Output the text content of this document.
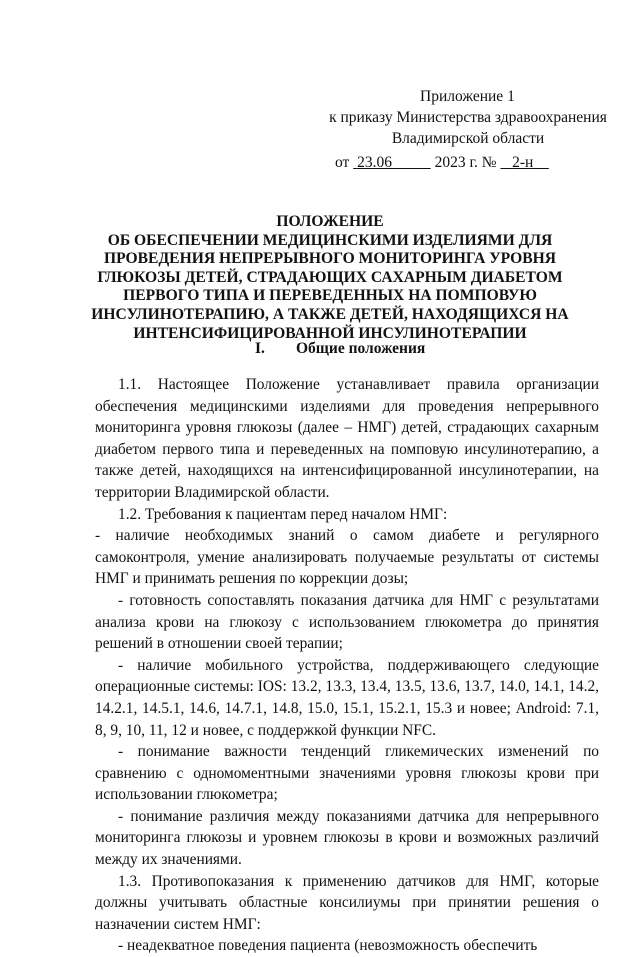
Приложение 1
к приказу Министерства здравоохранения
Владимирской области
от 23.06	2023 г. № 2-н
ПОЛОЖЕНИЕ
ОБ ОБЕСПЕЧЕНИИ МЕДИЦИНСКИМИ ИЗДЕЛИЯМИ ДЛЯ
ПРОВЕДЕНИЯ НЕПРЕРЫВНОГО МОНИТОРИНГА УРОВНЯ
ГЛЮКОЗЫ ДЕТЕЙ, СТРАДАЮЩИХ САХАРНЫМ ДИАБЕТОМ
ПЕРВОГО ТИПА И ПЕРЕВЕДЕННЫХ НА ПОМПОВУЮ
ИНСУЛИНОТЕРАПИЮ, А ТАКЖЕ ДЕТЕЙ, НАХОДЯЩИХСЯ НА
ИНТЕНСИФИЦИРОВАННОЙ ИНСУЛИНОТЕРАПИИ
I. Общие положения

1.1. Настоящее Положение устанавливает правила организации обеспечения медицинскими изделиями для проведения непрерывного мониторинга уровня глюкозы (далее – НМГ) детей, страдающих сахарным диабетом первого типа и переведенных на помповую инсулинотерапию, а также детей, находящихся на интенсифицированной инсулинотерапии, на территории Владимирской области.

1.2. Требования к пациентам перед началом НМГ:

- наличие необходимых знаний о самом диабете и регулярного самоконтроля, умение анализировать получаемые результаты от системы НМГ и принимать решения по коррекции дозы;

- готовность сопоставлять показания датчика для НМГ с результатами анализа крови на глюкозу с использованием глюкометра до принятия решений в отношении своей терапии;

- наличие мобильного устройства, поддерживающего следующие операционные системы: IOS: 13.2, 13.3, 13.4, 13.5, 13.6, 13.7, 14.0, 14.1, 14.2, 14.2.1, 14.5.1, 14.6, 14.7.1, 14.8, 15.0, 15.1, 15.2.1, 15.3 и новее; Android: 7.1, 8, 9, 10, 11, 12 и новее, с поддержкой функции NFC.

- понимание важности тенденций гликемических изменений по сравнению с одномоментными значениями уровня глюкозы крови при использовании глюкометра;

- понимание различия между показаниями датчика для непрерывного мониторинга глюкозы и уровнем глюкозы в крови и возможных различий между их значениями.

1.3. Противопоказания к применению датчиков для НМГ, которые должны учитывать областные консилиумы при принятии решения о назначении систем НМГ:

- неадекватное поведения пациента (невозможность обеспечить
